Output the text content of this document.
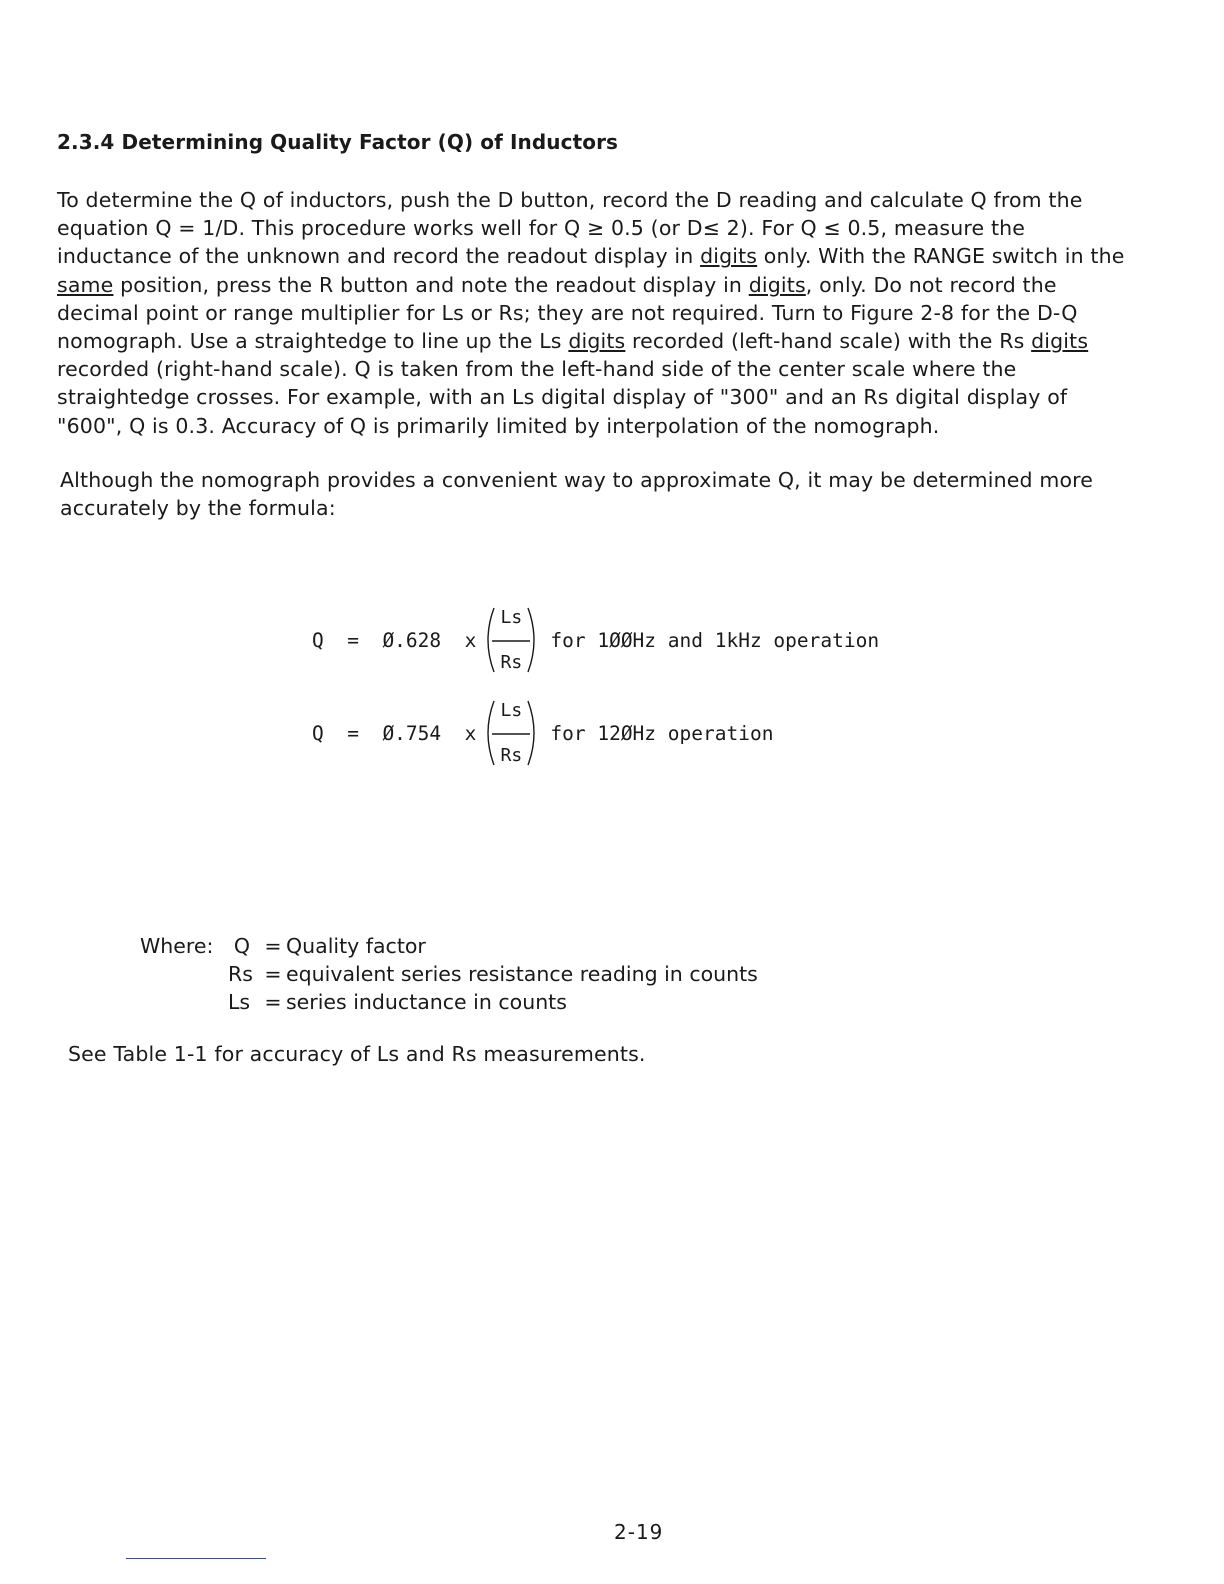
2.3.4 Determining Quality Factor (Q) of Inductors
To determine the Q of inductors, push the D button, record the D reading and calculate Q from the equation Q = 1/D. This procedure works well for Q ≥ 0.5 (or D≤ 2). For Q ≤ 0.5, measure the inductance of the unknown and record the readout display in digits only. With the RANGE switch in the same position, press the R button and note the readout display in digits, only. Do not record the decimal point or range multiplier for Ls or Rs; they are not required. Turn to Figure 2-8 for the D-Q nomograph. Use a straightedge to line up the Ls digits recorded (left-hand scale) with the Rs digits recorded (right-hand scale). Q is taken from the left-hand side of the center scale where the straightedge crosses. For example, with an Ls digital display of "300" and an Rs digital display of "600", Q is 0.3. Accuracy of Q is primarily limited by interpolation of the nomograph.
Although the nomograph provides a convenient way to approximate Q, it may be determined more accurately by the formula:
Q  =  Ø.628  x

Ls

Rs

for 1ØØHz and 1kHz operation
Q  =  Ø.754  x

Ls

Rs

for 12ØHz operation
Where: Q = Quality factor
Rs = equivalent series resistance reading in counts
Ls = series inductance in counts
See Table 1-1 for accuracy of Ls and Rs measurements.
2-19
